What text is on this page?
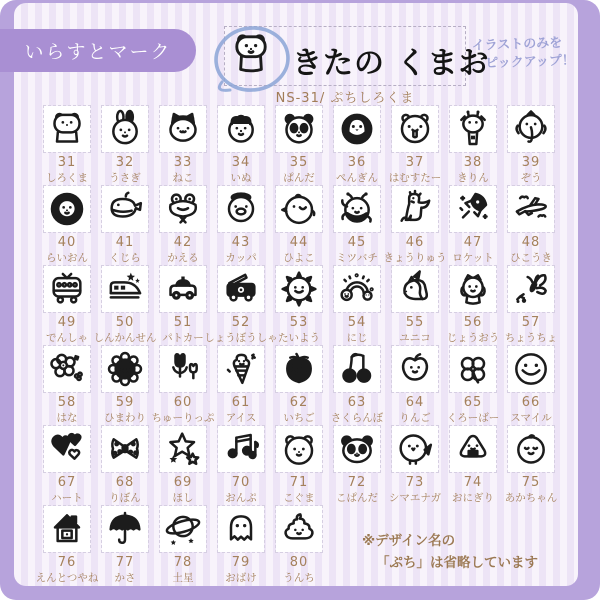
いらすとマーク	きたの くまお
イラストのみを
ピックアップ！
NS-31/ ぷちしろくま
31
しろくま
32
うさぎ
33
ねこ
34
いぬ
35
ぱんだ
36
ぺんぎん
37
はむすたー
38
きりん
39
ぞう
40
らいおん
41
くじら
42
かえる
43
カッパ
44
ひよこ
45
ミツバチ
46
きょうりゅう
47
ロケット
48
ひこうき
49
でんしゃ
50
しんかんせん
51
パトカー
52
しょうぼうしゃ
53
たいよう
54
にじ
55
ユニコ
56
じょうおう
57
ちょうちょ
58
はな
59
ひまわり
60
ちゅーりっぷ
61
アイス
62
いちご
63
さくらんぼ
64
りんご
65
くろーばー
66
スマイル
67
ハート
68
りぼん
69
ほし
70
おんぷ
71
こぐま
72
こぱんだ
73
シマエナガ
74
おにぎり
75
あかちゃん
76
えんとつやね
77
かさ
78
土星
79
おばけ
80
うんち
※デザイン名の
「ぷち」は省略しています
